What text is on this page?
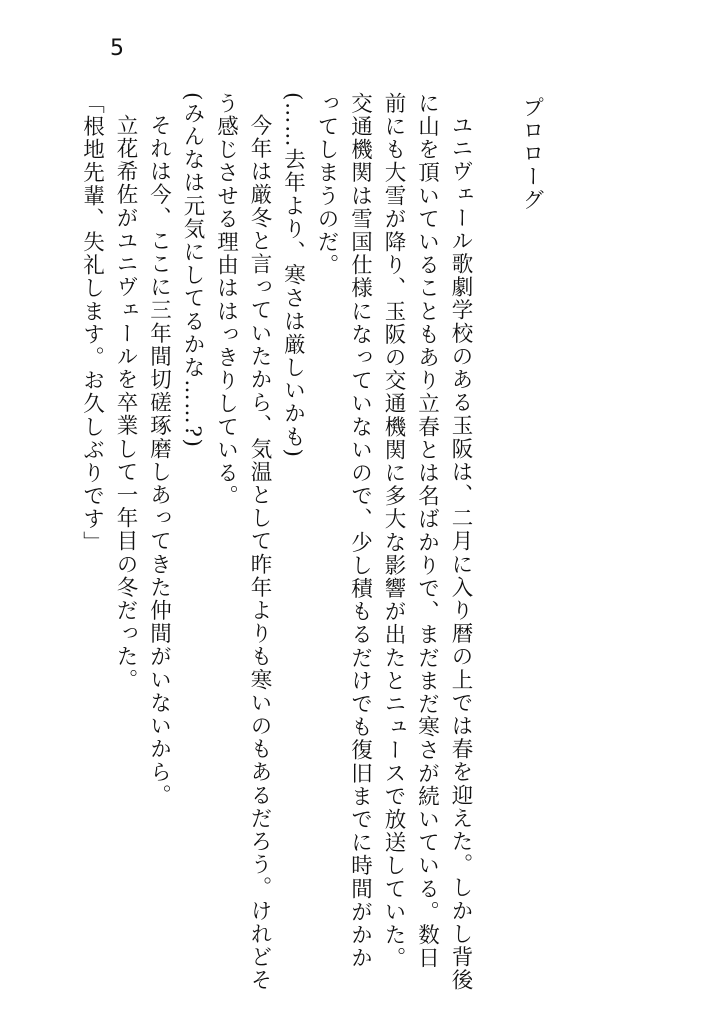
5
プロローグ
ユニヴェール歌劇学校のある玉阪は、二月に入り暦の上では春を迎えた。しかし背後に山を頂いていることもあり立春とは名ばかりで、まだまだ寒さが続いている。数日前にも大雪が降り、玉阪の交通機関に多大な影響が出たとニュースで放送していた。交通機関は雪国仕様になっていないので、少し積もるだけでも復旧までに時間がかかってしまうのだ。
(……去年より、寒さは厳しいかも)
今年は厳冬と言っていたから、気温として昨年よりも寒いのもあるだろう。けれどそう感じさせる理由ははっきりしている。
(みんなは元気にしてるかな……?)
それは今、ここに三年間切磋琢磨しあってきた仲間がいないから。
立花希佐がユニヴェールを卒業して一年目の冬だった。
「根地先輩、失礼します。お久しぶりです」
